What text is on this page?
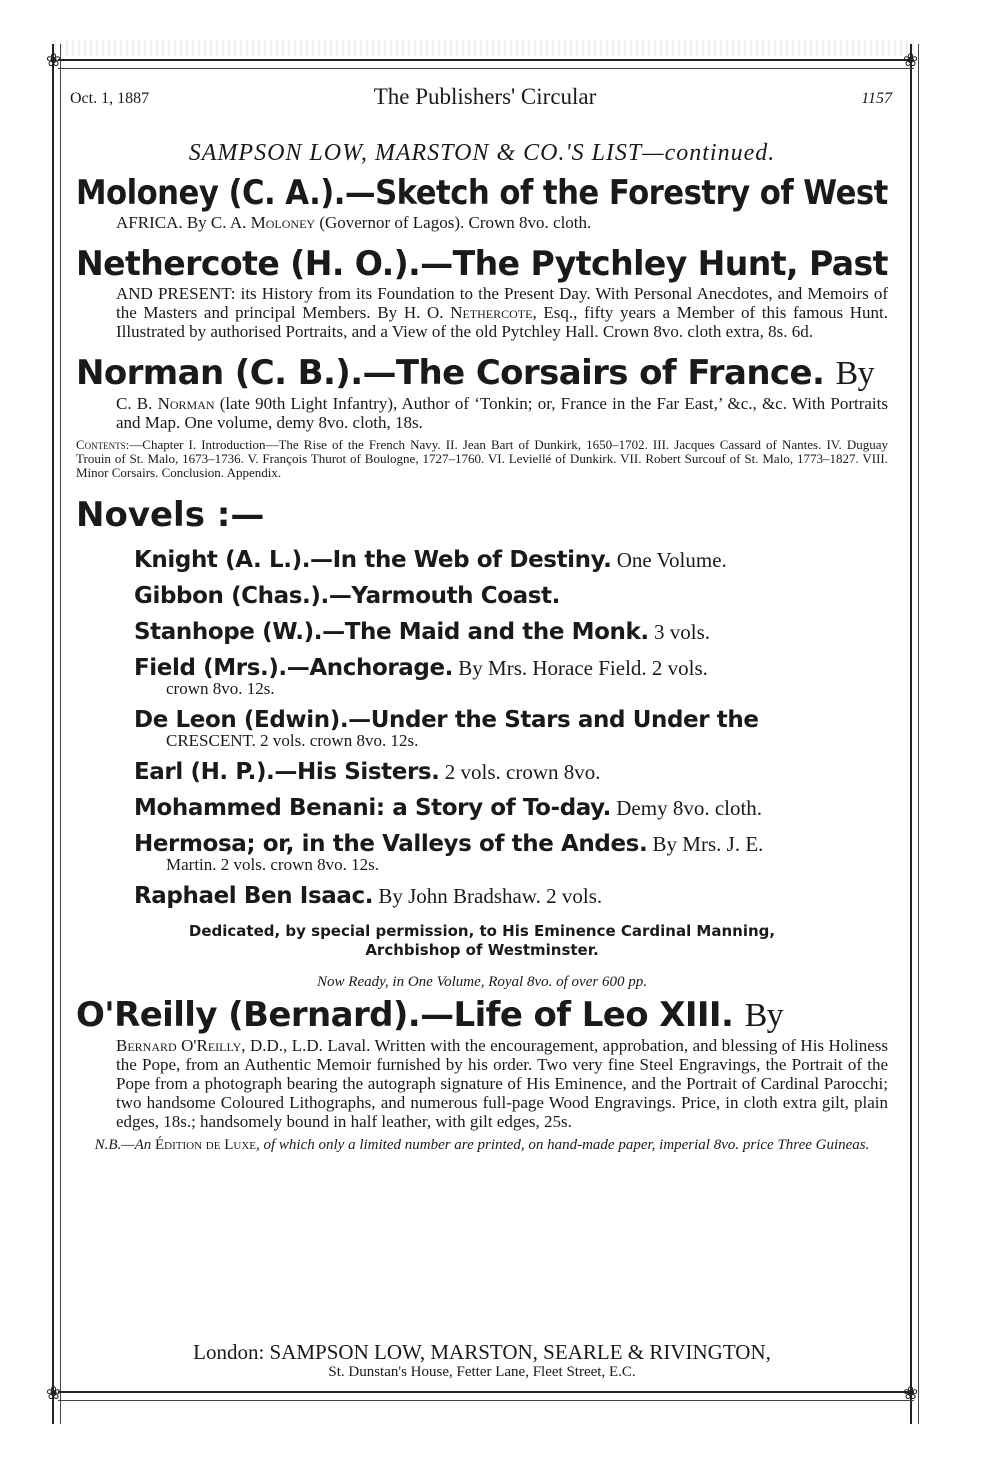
❀	❀
❀	❀
Oct. 1, 1887	The Publishers' Circular	1157
SAMPSON LOW, MARSTON & CO.'S LIST—continued.
Moloney (C. A.).—Sketch of the Forestry of West
AFRICA. By C. A. Moloney (Governor of Lagos). Crown 8vo. cloth.
Nethercote (H. O.).—The Pytchley Hunt, Past
AND PRESENT: its History from its Foundation to the Present Day. With Personal Anecdotes, and Memoirs of the Masters and principal Members. By H. O. Nethercote, Esq., fifty years a Member of this famous Hunt. Illustrated by authorised Portraits, and a View of the old Pytchley Hall. Crown 8vo. cloth extra, 8s. 6d.
Norman (C. B.).—The Corsairs of France. By
C. B. Norman (late 90th Light Infantry), Author of ‘Tonkin; or, France in the Far East,’ &c., &c. With Portraits and Map. One volume, demy 8vo. cloth, 18s.
Contents:—Chapter I. Introduction—The Rise of the French Navy. II. Jean Bart of Dunkirk, 1650–1702. III. Jacques Cassard of Nantes. IV. Duguay Trouin of St. Malo, 1673–1736. V. François Thurot of Boulogne, 1727–1760. VI. Leviellé of Dunkirk. VII. Robert Surcouf of St. Malo, 1773–1827. VIII. Minor Corsairs. Conclusion. Appendix.
Novels :—
Knight (A. L.).—In the Web of Destiny. One Volume.
Gibbon (Chas.).—Yarmouth Coast.
Stanhope (W.).—The Maid and the Monk. 3 vols.
Field (Mrs.).—Anchorage. By Mrs. Horace Field. 2 vols.
crown 8vo. 12s.
De Leon (Edwin).—Under the Stars and Under the
CRESCENT. 2 vols. crown 8vo. 12s.
Earl (H. P.).—His Sisters. 2 vols. crown 8vo.
Mohammed Benani: a Story of To-day. Demy 8vo. cloth.
Hermosa; or, in the Valleys of the Andes. By Mrs. J. E.
Martin. 2 vols. crown 8vo. 12s.
Raphael Ben Isaac. By John Bradshaw. 2 vols.
Dedicated, by special permission, to His Eminence Cardinal Manning,
Archbishop of Westminster.
Now Ready, in One Volume, Royal 8vo. of over 600 pp.
O'Reilly (Bernard).—Life of Leo XIII. By
Bernard O'Reilly, D.D., L.D. Laval. Written with the encouragement, approbation, and blessing of His Holiness the Pope, from an Authentic Memoir furnished by his order. Two very fine Steel Engravings, the Portrait of the Pope from a photograph bearing the autograph signature of His Eminence, and the Portrait of Cardinal Parocchi; two handsome Coloured Lithographs, and numerous full-page Wood Engravings. Price, in cloth extra gilt, plain edges, 18s.; handsomely bound in half leather, with gilt edges, 25s.
N.B.—An Édition de Luxe, of which only a limited number are printed, on hand-made paper, imperial 8vo. price Three Guineas.
London: SAMPSON LOW, MARSTON, SEARLE & RIVINGTON,
St. Dunstan's House, Fetter Lane, Fleet Street, E.C.
